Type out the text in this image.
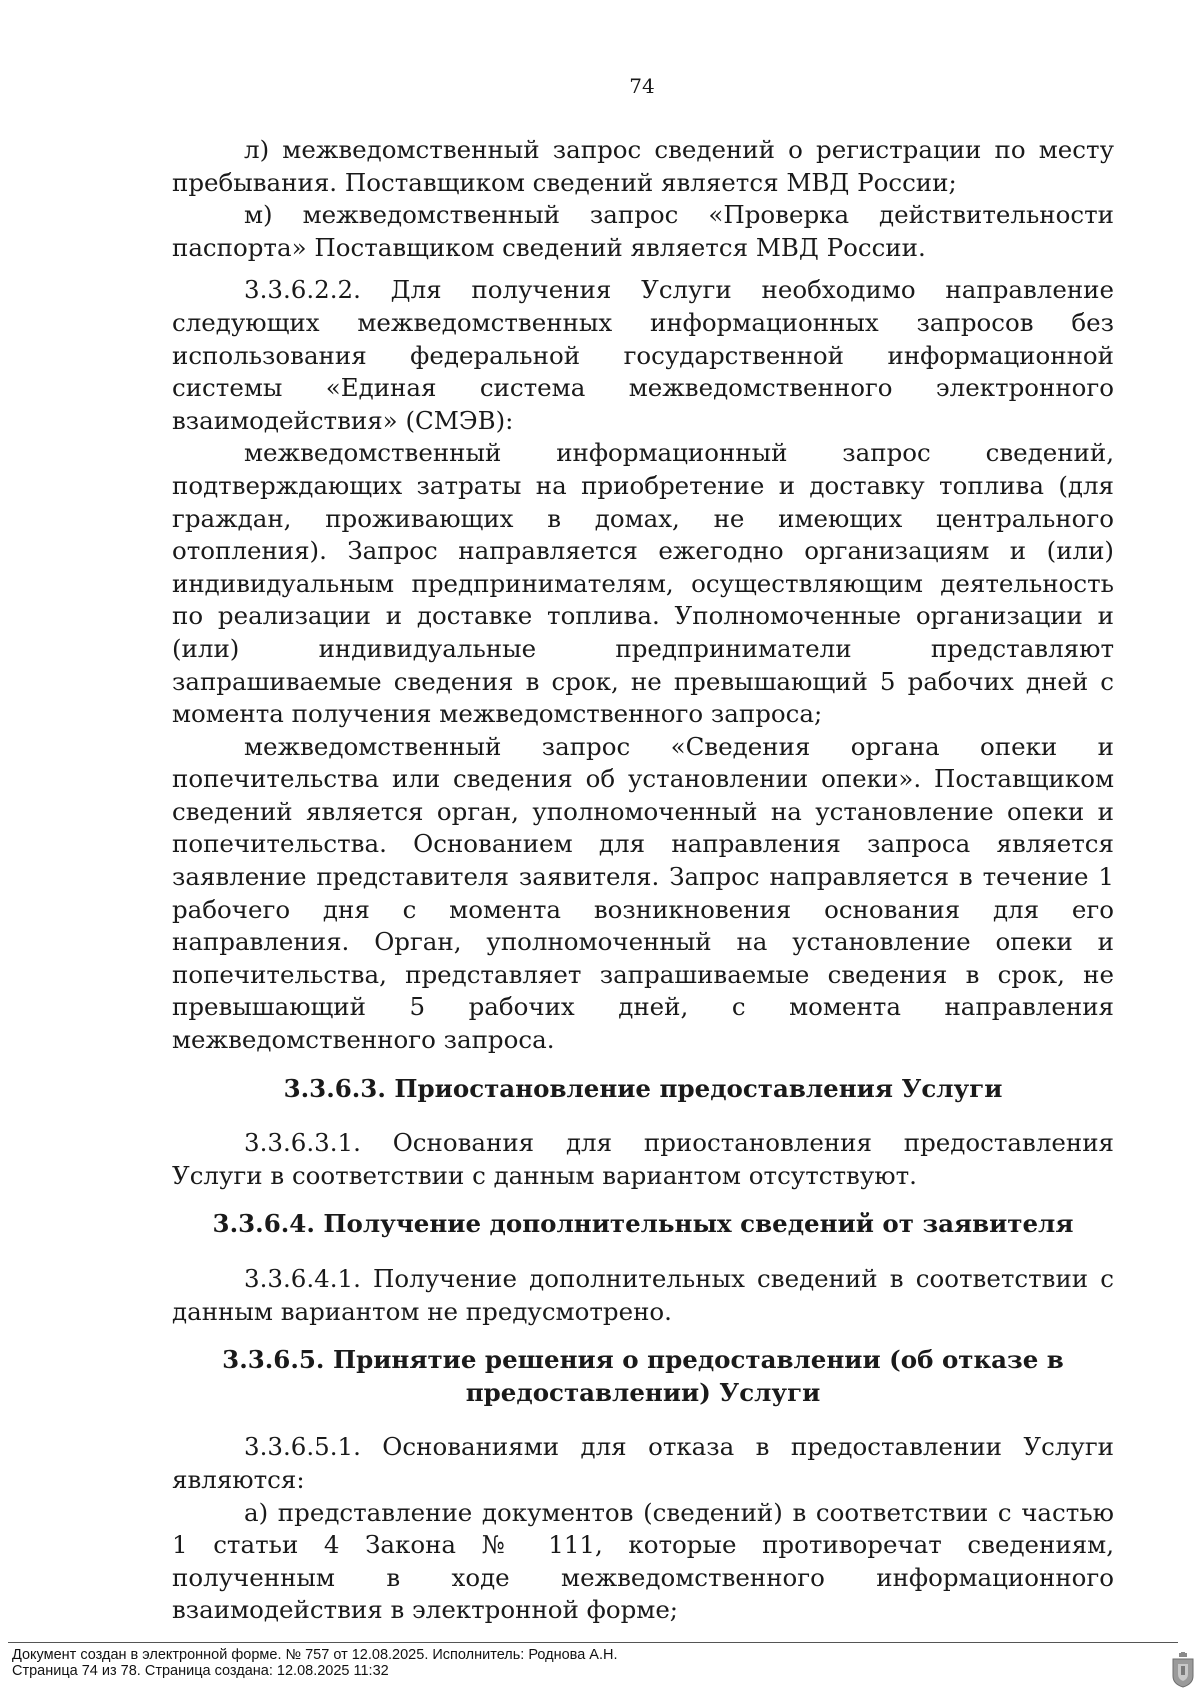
74

л) межведомственный запрос сведений о регистрации по месту пребывания. Поставщиком сведений является МВД России;

м) межведомственный запрос «Проверка действительности паспорта» Поставщиком сведений является МВД России.

3.3.6.2.2. Для получения Услуги необходимо направление следующих межведомственных информационных запросов без использования федеральной государственной информационной системы «Единая система межведомственного электронного взаимодействия» (СМЭВ):

межведомственный информационный запрос сведений, подтверждающих затраты на приобретение и доставку топлива (для граждан, проживающих в домах, не имеющих центрального отопления). Запрос направляется ежегодно организациям и (или) индивидуальным предпринимателям, осуществляющим деятельность по реализации и доставке топлива. Уполномоченные организации и (или) индивидуальные предприниматели представляют запрашиваемые сведения в срок, не превышающий 5 рабочих дней с момента получения межведомственного запроса;

межведомственный запрос «Сведения органа опеки и попечительства или сведения об установлении опеки». Поставщиком сведений является орган, уполномоченный на установление опеки и попечительства. Основанием для направления запроса является заявление представителя заявителя. Запрос направляется в течение 1 рабочего дня с момента возникновения основания для его направления. Орган, уполномоченный на установление опеки и попечительства, представляет запрашиваемые сведения в срок, не превышающий 5 рабочих дней, с момента направления межведомственного запроса.

3.3.6.3. Приостановление предоставления Услуги

3.3.6.3.1. Основания для приостановления предоставления Услуги в соответствии с данным вариантом отсутствуют.

3.3.6.4. Получение дополнительных сведений от заявителя

3.3.6.4.1. Получение дополнительных сведений в соответствии с данным вариантом не предусмотрено.

3.3.6.5. Принятие решения о предоставлении (об отказе в
предоставлении) Услуги

3.3.6.5.1. Основаниями для отказа в предоставлении Услуги являются:

а) представление документов (сведений) в соответствии с частью 1 статьи 4 Закона № 111, которые противоречат сведениям, полученным в ходе межведомственного информационного взаимодействия в электронной форме;

Документ создан в электронной форме. № 757 от 12.08.2025. Исполнитель: Роднова А.Н.
Страница 74 из 78. Страница создана: 12.08.2025 11:32
